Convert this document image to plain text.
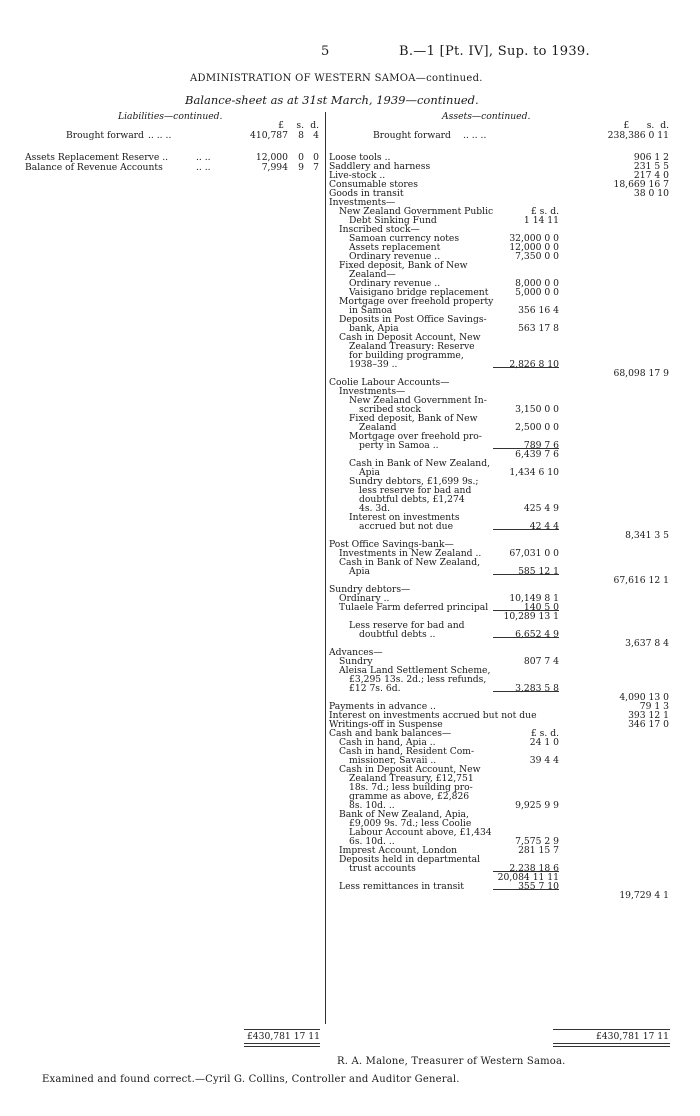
5	B.—1 [Pt. IV], Sup. to 1939.
ADMINISTRATION OF WESTERN SAMOA—continued.
Balance-sheet as at 31st March, 1939—continued.
Liabilities—continued.	Assets—continued.
£	s. d.
Brought forward .. .. ..	410,787	8 4
Assets Replacement Reserve ..	.. ..	12,000	0 0
Balance of Revenue Accounts	.. ..	7,994	9 7
£430,781 17 11
£ s. d.
Brought forward .. .. ..	238,386 0 11
Loose tools ..	906 1 2
Saddlery and harness	231 5 5
Live-stock ..	217 4 0
Consumable stores	18,669 16 7
Goods in transit	38 0 10
Investments—
New Zealand Government Public	£ s. d.
Debt Sinking Fund	1 14 11
Inscribed stock—
Samoan currency notes	32,000 0 0
Assets replacement	12,000 0 0
Ordinary revenue ..	7,350 0 0
Fixed deposit, Bank of New
Zealand—
Ordinary revenue ..	8,000 0 0
Vaisigano bridge replacement	5,000 0 0
Mortgage over freehold property
in Samoa	356 16 4
Deposits in Post Office Savings-
bank, Apia	563 17 8
Cash in Deposit Account, New
Zealand Treasury: Reserve
for building programme,
1938–39 ..	2,826 8 10
68,098 17 9
Coolie Labour Accounts—
Investments—
New Zealand Government In-
scribed stock	3,150 0 0
Fixed deposit, Bank of New
Zealand	2,500 0 0
Mortgage over freehold pro-
perty in Samoa ..	789 7 6
6,439 7 6
Cash in Bank of New Zealand,
Apia	1,434 6 10
Sundry debtors, £1,699 9s.;
less reserve for bad and
doubtful debts, £1,274
4s. 3d.	425 4 9
Interest on investments
accrued but not due	42 4 4
8,341 3 5
Post Office Savings-bank—
Investments in New Zealand ..	67,031 0 0
Cash in Bank of New Zealand,
Apia	585 12 1
67,616 12 1
Sundry debtors—
Ordinary ..	10,149 8 1
Tulaele Farm deferred principal	140 5 0
10,289 13 1
Less reserve for bad and
doubtful debts ..	6,652 4 9
3,637 8 4
Advances—
Sundry	807 7 4
Aleisa Land Settlement Scheme,
£3,295 13s. 2d.; less refunds,
£12 7s. 6d.	3,283 5 8
4,090 13 0
Payments in advance ..	79 1 3
Interest on investments accrued but not due	393 12 1
Writings-off in Suspense	346 17 0
Cash and bank balances—	£ s. d.
Cash in hand, Apia ..	24 1 0
Cash in hand, Resident Com-
missioner, Savaii ..	39 4 4
Cash in Deposit Account, New
Zealand Treasury, £12,751
18s. 7d.; less building pro-
gramme as above, £2,826
8s. 10d. ..	9,925 9 9
Bank of New Zealand, Apia,
£9,009 9s. 7d.; less Coolie
Labour Account above, £1,434
6s. 10d. ..	7,575 2 9
Imprest Account, London	281 15 7
Deposits held in departmental
trust accounts	2,238 18 6
20,084 11 11
Less remittances in transit	355 7 10
19,729 4 1
£430,781 17 11
R. A. Malone, Treasurer of Western Samoa.
Examined and found correct.—Cyril G. Collins, Controller and Auditor General.
